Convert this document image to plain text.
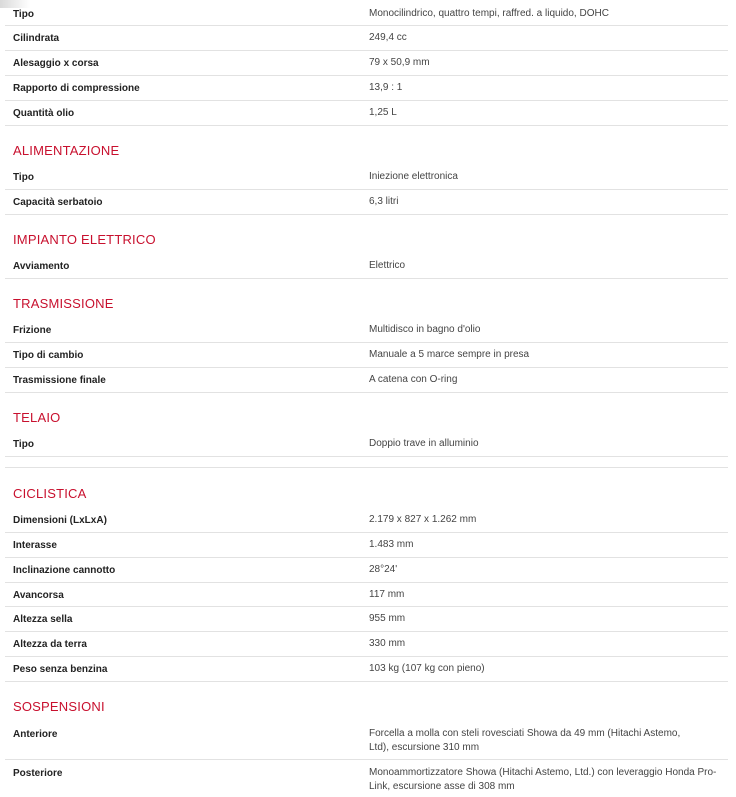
Tipo	Monocilindrico, quattro tempi, raffred. a liquido, DOHC
Cilindrata	249,4 cc
Alesaggio x corsa	79 x 50,9 mm
Rapporto di compressione	13,9 : 1
Quantità olio	1,25 L
ALIMENTAZIONE
Tipo	Iniezione elettronica
Capacità serbatoio	6,3 litri
IMPIANTO ELETTRICO
Avviamento	Elettrico
TRASMISSIONE
Frizione	Multidisco in bagno d'olio
Tipo di cambio	Manuale a 5 marce sempre in presa
Trasmissione finale	A catena con O-ring
TELAIO
Tipo	Doppio trave in alluminio
CICLISTICA
Dimensioni (LxLxA)	2.179 x 827 x 1.262 mm
Interasse	1.483 mm
Inclinazione cannotto	28°24'
Avancorsa	117 mm
Altezza sella	955 mm
Altezza da terra	330 mm
Peso senza benzina	103 kg (107 kg con pieno)
SOSPENSIONI
Anteriore	Forcella a molla con steli rovesciati Showa da 49 mm (Hitachi Astemo, Ltd), escursione 310 mm
Posteriore	Monoammortizzatore Showa (Hitachi Astemo, Ltd.) con leveraggio Honda Pro-Link, escursione asse di 308 mm
